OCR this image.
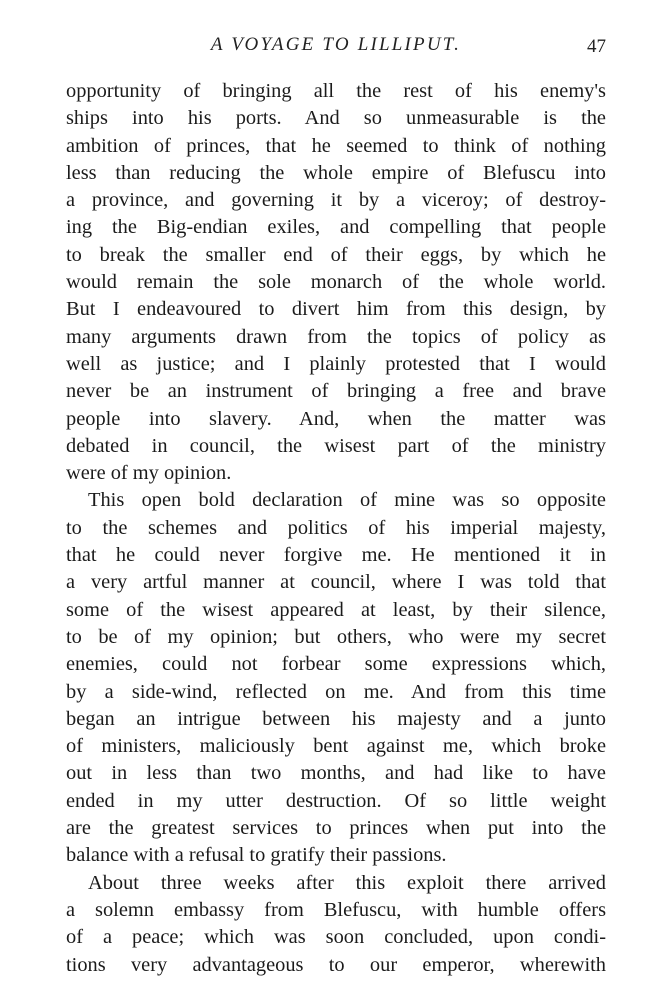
A VOYAGE TO LILLIPUT.	47
opportunity of bringing all the rest of his enemy's
ships into his ports. And so unmeasurable is the
ambition of princes, that he seemed to think of nothing
less than reducing the whole empire of Blefuscu into
a province, and governing it by a viceroy; of destroy-
ing the Big-endian exiles, and compelling that people
to break the smaller end of their eggs, by which he
would remain the sole monarch of the whole world.
But I endeavoured to divert him from this design, by
many arguments drawn from the topics of policy as
well as justice; and I plainly protested that I would
never be an instrument of bringing a free and brave
people into slavery. And, when the matter was
debated in council, the wisest part of the ministry
were of my opinion.
This open bold declaration of mine was so opposite
to the schemes and politics of his imperial majesty,
that he could never forgive me. He mentioned it in
a very artful manner at council, where I was told that
some of the wisest appeared at least, by their silence,
to be of my opinion; but others, who were my secret
enemies, could not forbear some expressions which,
by a side-wind, reflected on me. And from this time
began an intrigue between his majesty and a junto
of ministers, maliciously bent against me, which broke
out in less than two months, and had like to have
ended in my utter destruction. Of so little weight
are the greatest services to princes when put into the
balance with a refusal to gratify their passions.
About three weeks after this exploit there arrived
a solemn embassy from Blefuscu, with humble offers
of a peace; which was soon concluded, upon condi-
tions very advantageous to our emperor, wherewith
